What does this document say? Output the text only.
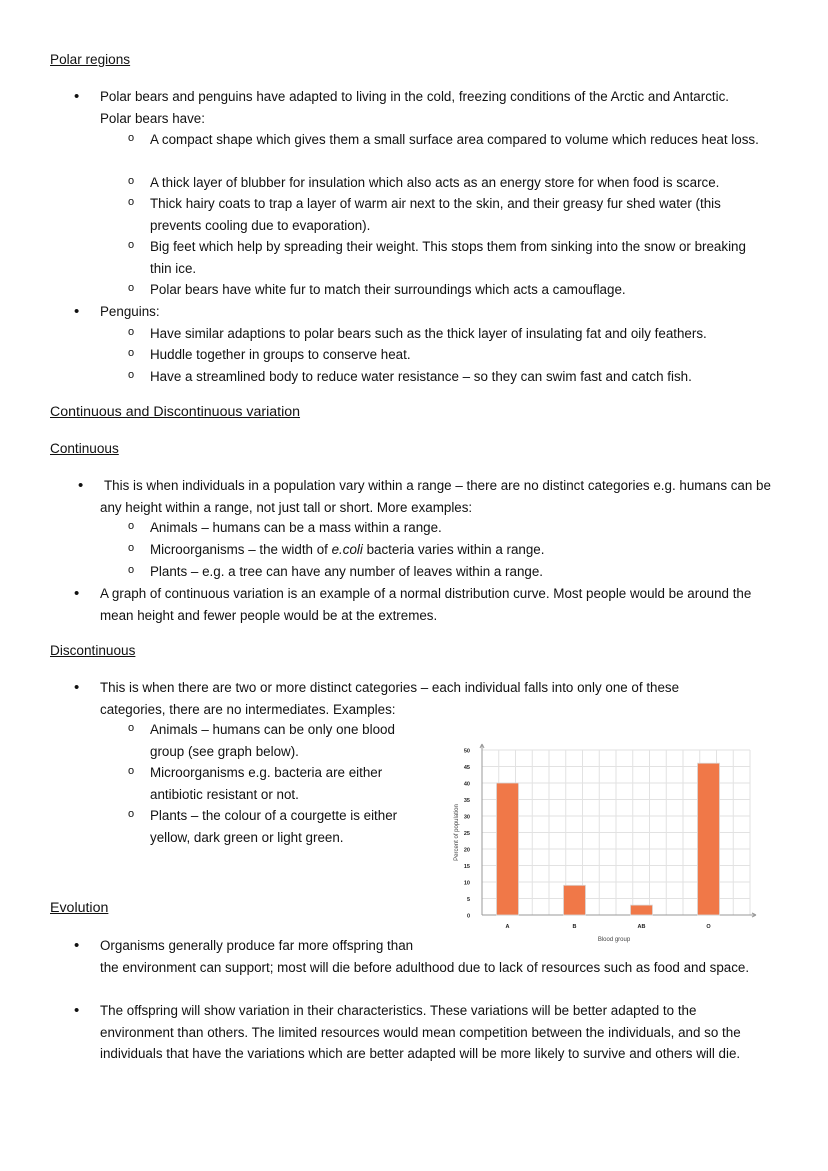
Polar regions
• Polar bears and penguins have adapted to living in the cold, freezing conditions of the Arctic and Antarctic.
Polar bears have:
o A compact shape which gives them a small surface area compared to volume which reduces heat loss.
o A thick layer of blubber for insulation which also acts as an energy store for when food is scarce.
o Thick hairy coats to trap a layer of warm air next to the skin, and their greasy fur shed water (this prevents cooling due to evaporation).
o Big feet which help by spreading their weight. This stops them from sinking into the snow or breaking thin ice.
o Polar bears have white fur to match their surroundings which acts a camouflage.
• Penguins:
o Have similar adaptions to polar bears such as the thick layer of insulating fat and oily feathers.
o Huddle together in groups to conserve heat.
o Have a streamlined body to reduce water resistance – so they can swim fast and catch fish.
Continuous and Discontinuous variation
Continuous
• This is when individuals in a population vary within a range – there are no distinct categories e.g. humans can be any height within a range, not just tall or short. More examples:
o Animals – humans can be a mass within a range.
o Microorganisms – the width of e.coli bacteria varies within a range.
o Plants – e.g. a tree can have any number of leaves within a range.
• A graph of continuous variation is an example of a normal distribution curve. Most people would be around the mean height and fewer people would be at the extremes.
Discontinuous
• This is when there are two or more distinct categories – each individual falls into only one of these categories, there are no intermediates. Examples:
o Animals – humans can be only one blood group (see graph below).
o Microorganisms e.g. bacteria are either antibiotic resistant or not.
o Plants – the colour of a courgette is either yellow, dark green or light green.
0
5
10
15
20
25
30
35
40
45
50
A	B	AB	O
Blood group
Percent of population
Evolution
• Organisms generally produce far more offspring than
the environment can support; most will die before adulthood due to lack of resources such as food and space.
• The offspring will show variation in their characteristics. These variations will be better adapted to the environment than others. The limited resources would mean competition between the individuals, and so the individuals that have the variations which are better adapted will be more likely to survive and others will die.
